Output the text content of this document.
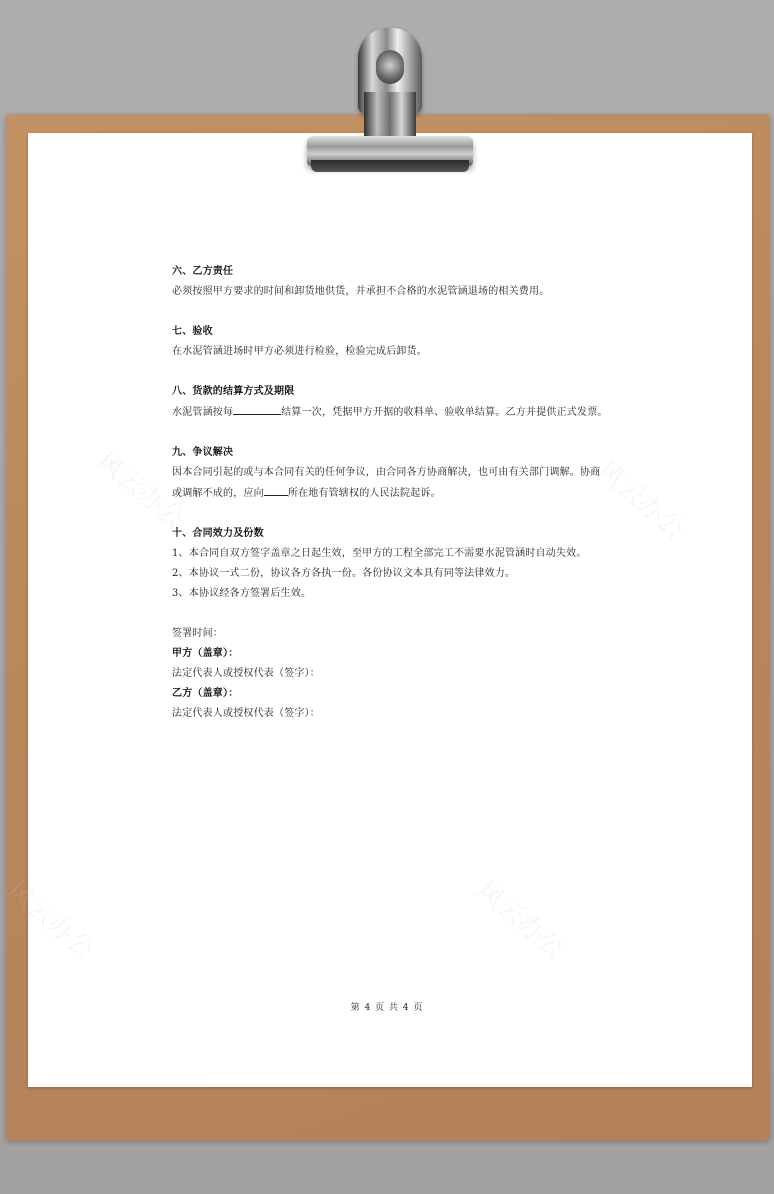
风云办公	风云办公
风云办公	风云办公
六、乙方责任
必须按照甲方要求的时间和卸货地供货，并承担不合格的水泥管涵退场的相关费用。
七、验收
在水泥管涵进场时甲方必须进行检验，检验完成后卸货。
八、货款的结算方式及期限
水泥管涵按每	结算一次，凭据甲方开据的收料单、验收单结算。乙方并提供正式发票。
九、争议解决
因本合同引起的或与本合同有关的任何争议，由合同各方协商解决，也可由有关部门调解。协商
或调解不成的，应向 所在地有管辖权的人民法院起诉。
十、合同效力及份数
1、本合同自双方签字盖章之日起生效，至甲方的工程全部完工不需要水泥管涵时自动失效。
2、本协议一式二份，协议各方各执一份。各份协议文本具有同等法律效力。
3、本协议经各方签署后生效。
签署时间：
甲方（盖章）：
法定代表人或授权代表（签字）：
乙方（盖章）：
法定代表人或授权代表（签字）：
第 4 页 共 4 页
